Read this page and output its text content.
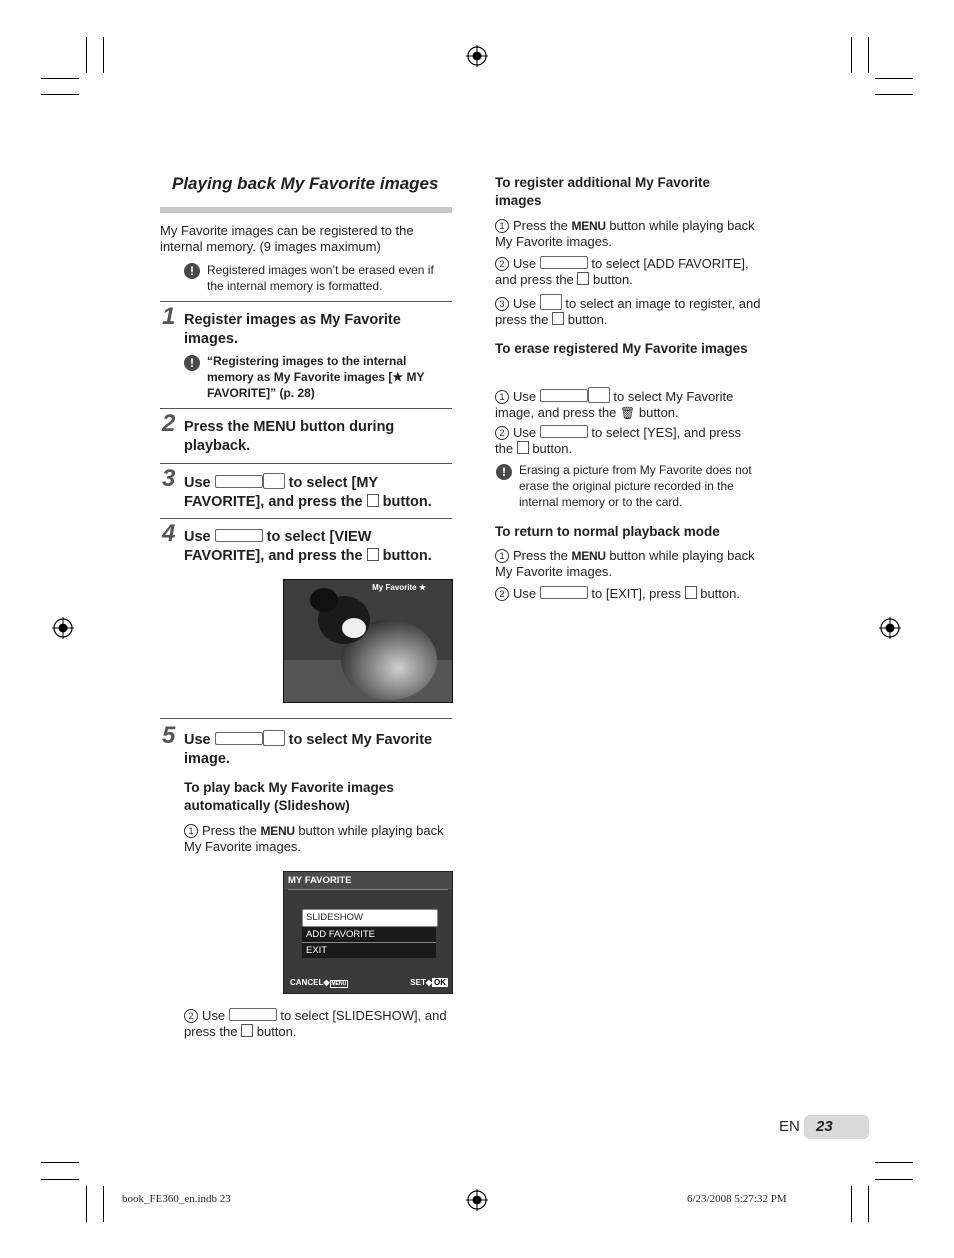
Playing back My Favorite images
My Favorite images can be registered to the internal memory. (9 images maximum)
!	Registered images won’t be erased even if the internal memory is formatted.
1 Register images as My Favorite images.
!	“Registering images to the internal memory as My Favorite images [★ MY FAVORITE]” (p. 28)
2 Press the MENU button during playback.
3 Use	to select [MY FAVORITE], and press the button.
4 Use	to select [VIEW FAVORITE], and press the button.
My Favorite ★
5 Use	to select My Favorite image.
To play back My Favorite images automatically (Slideshow)
1 Press the MENU button while playing back My Favorite images.
MY FAVORITE
SLIDESHOW
ADD FAVORITE
EXIT
CANCEL◆ MENU	SET◆ OK
2 Use	to select [SLIDESHOW], and press the button.
To register additional My Favorite images
1 Press the MENU button while playing back My Favorite images.
2 Use	to select [ADD FAVORITE], and press the button.
3 Use to select an image to register, and press the button.
To erase registered My Favorite images
1 Use	to select My Favorite image, and press the 🗑 button.
2 Use	to select [YES], and press the button.
!	Erasing a picture from My Favorite does not erase the original picture recorded in the internal memory or to the card.
To return to normal playback mode
1 Press the MENU button while playing back My Favorite images.
2 Use	to [EXIT], press button.
EN 23
book_FE360_en.indb 23	6/23/2008 5:27:32 PM
